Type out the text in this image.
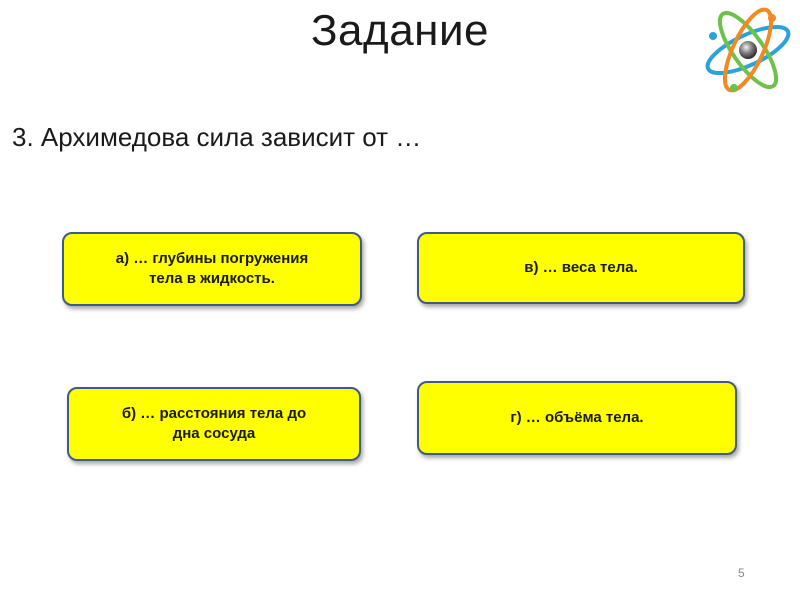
Задание
3. Архимедова сила зависит от …
а) … глубины погружения
тела в жидкость.
в) … веса тела.
б) … расстояния тела до
дна сосуда
г) … объёма тела.
5
